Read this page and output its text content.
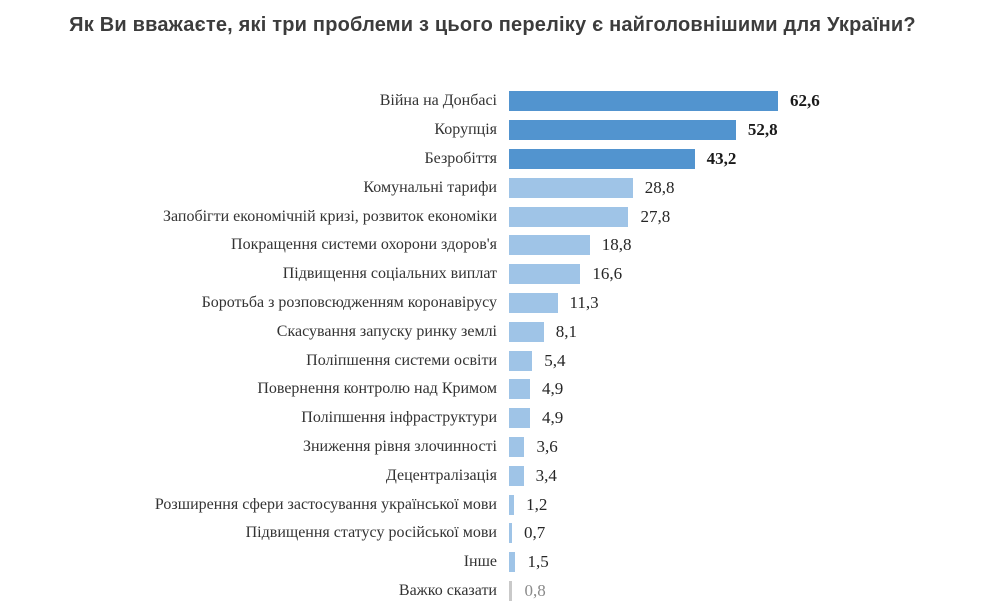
Як Ви вважаєте, які три проблеми з цього переліку є найголовнішими для України?
Війна на Донбасі	62,6
Корупція	52,8
Безробіття	43,2
Комунальні тарифи	28,8
Запобігти економічній кризі, розвиток економіки	27,8
Покращення системи охорони здоров'я	18,8
Підвищення соціальних виплат	16,6
Боротьба з розповсюдженням коронавірусу	11,3
Скасування запуску ринку землі	8,1
Поліпшення системи освіти	5,4
Повернення контролю над Кримом	4,9
Поліпшення інфраструктури	4,9
Зниження рівня злочинності	3,6
Децентралізація	3,4
Розширення сфери застосування української мови	1,2
Підвищення статусу російської мови	0,7
Інше	1,5
Важко сказати	0,8
